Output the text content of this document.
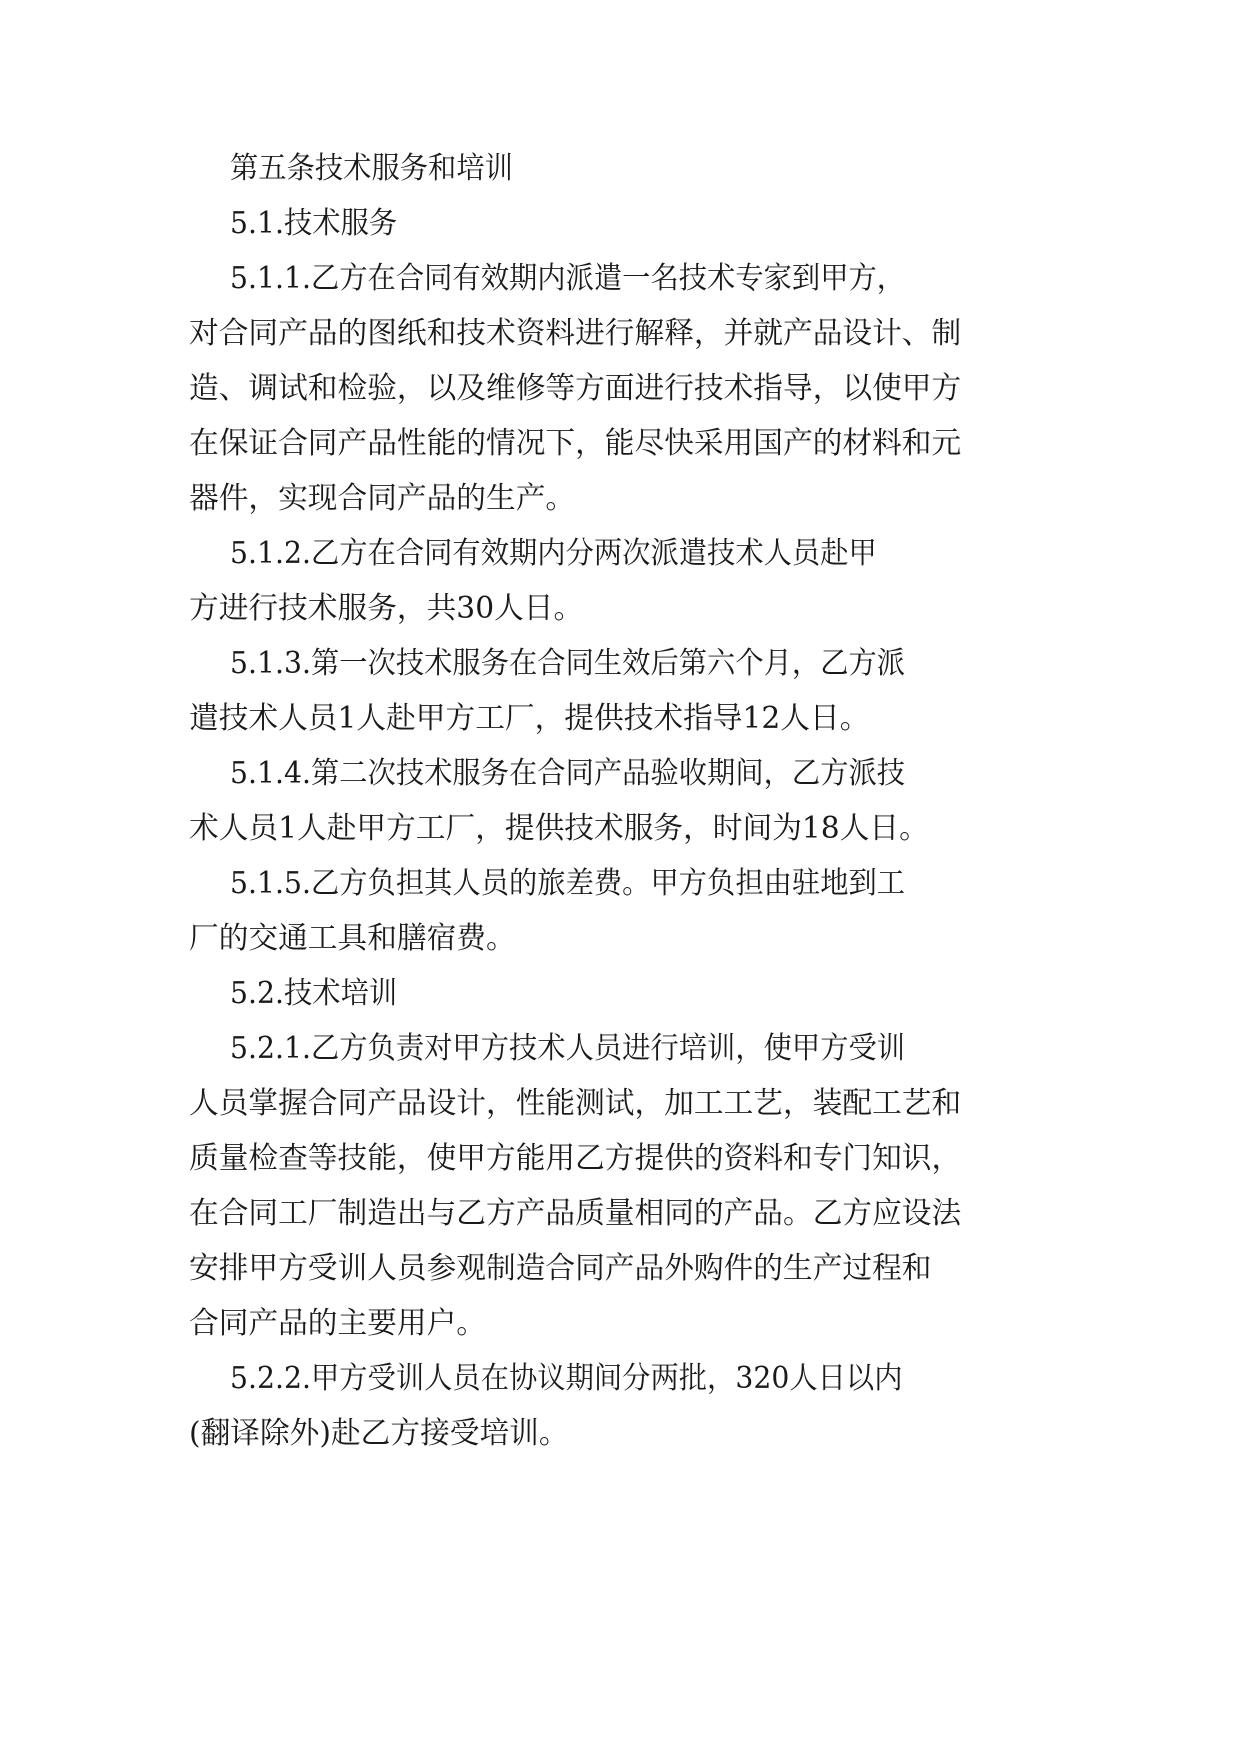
第五条技术服务和培训

5.1.技术服务

5.1.1.乙方在合同有效期内派遣一名技术专家到甲方，

对合同产品的图纸和技术资料进行解释，并就产品设计、制

造、调试和检验，以及维修等方面进行技术指导，以使甲方

在保证合同产品性能的情况下，能尽快采用国产的材料和元

器件，实现合同产品的生产。

5.1.2.乙方在合同有效期内分两次派遣技术人员赴甲

方进行技术服务，共30人日。

5.1.3.第一次技术服务在合同生效后第六个月，乙方派

遣技术人员1人赴甲方工厂，提供技术指导12人日。

5.1.4.第二次技术服务在合同产品验收期间，乙方派技

术人员1人赴甲方工厂，提供技术服务，时间为18人日。

5.1.5.乙方负担其人员的旅差费。甲方负担由驻地到工

厂的交通工具和膳宿费。

5.2.技术培训

5.2.1.乙方负责对甲方技术人员进行培训，使甲方受训

人员掌握合同产品设计，性能测试，加工工艺，装配工艺和

质量检查等技能，使甲方能用乙方提供的资料和专门知识，

在合同工厂制造出与乙方产品质量相同的产品。乙方应设法

安排甲方受训人员参观制造合同产品外购件的生产过程和

合同产品的主要用户。

5.2.2.甲方受训人员在协议期间分两批，320人日以内

(翻译除外)赴乙方接受培训。
